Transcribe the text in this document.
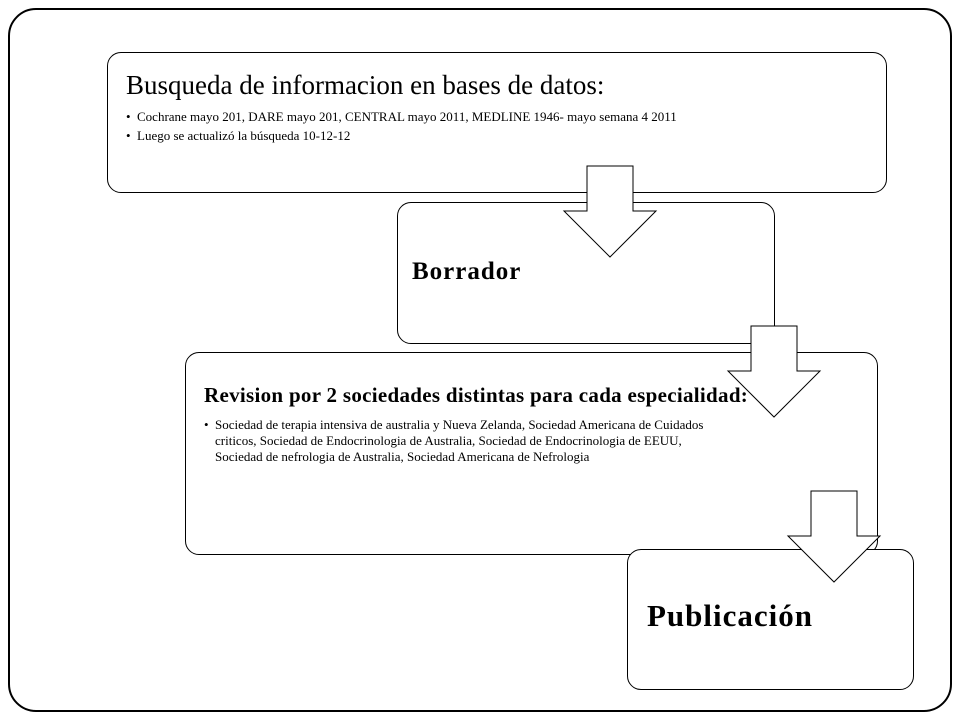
Busqueda de informacion en bases de datos:
• Cochrane mayo 201, DARE mayo 201, CENTRAL mayo 2011, MEDLINE 1946- mayo semana 4 2011
• Luego se actualizó la búsqueda 10-12-12
Borrador
Revision por 2 sociedades distintas para cada especialidad:
• Sociedad de terapia intensiva de australia y Nueva Zelanda, Sociedad Americana de Cuidados criticos, Sociedad de Endocrinologia de Australia, Sociedad de Endocrinologia de EEUU, Sociedad de nefrologia de Australia, Sociedad Americana de Nefrologia
Publicación
